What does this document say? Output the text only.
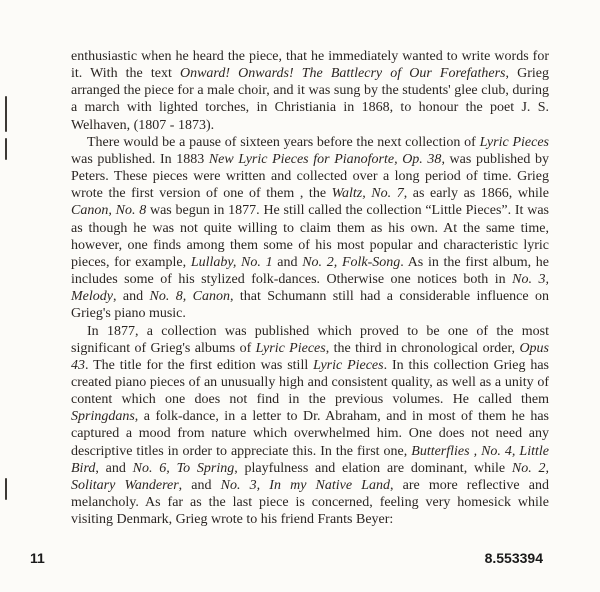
enthusiastic when he heard the piece, that he immediately wanted to write words for it. With the text Onward! Onwards! The Battlecry of Our Forefathers, Grieg arranged the piece for a male choir, and it was sung by the students' glee club, during a march with lighted torches, in Christiania in 1868, to honour the poet J. S. Welhaven, (1807 - 1873).

There would be a pause of sixteen years before the next collection of Lyric Pieces was published. In 1883 New Lyric Pieces for Pianoforte, Op. 38, was published by Peters. These pieces were written and collected over a long period of time. Grieg wrote the first version of one of them , the Waltz, No. 7, as early as 1866, while Canon, No. 8 was begun in 1877. He still called the collection “Little Pieces”. It was as though he was not quite willing to claim them as his own. At the same time, however, one finds among them some of his most popular and characteristic lyric pieces, for example, Lullaby, No. 1 and No. 2, Folk-Song. As in the first album, he includes some of his stylized folk-dances. Otherwise one notices both in No. 3, Melody, and No. 8, Canon, that Schumann still had a considerable influence on Grieg's piano music.

In 1877, a collection was published which proved to be one of the most significant of Grieg's albums of Lyric Pieces, the third in chronological order, Opus 43. The title for the first edition was still Lyric Pieces. In this collection Grieg has created piano pieces of an unusually high and consistent quality, as well as a unity of content which one does not find in the previous volumes. He called them Springdans, a folk-dance, in a letter to Dr. Abraham, and in most of them he has captured a mood from nature which overwhelmed him. One does not need any descriptive titles in order to appreciate this. In the first one, Butterflies , No. 4, Little Bird, and No. 6, To Spring, playfulness and elation are dominant, while No. 2, Solitary Wanderer, and No. 3, In my Native Land, are more reflective and melancholy. As far as the last piece is concerned, feeling very homesick while visiting Denmark, Grieg wrote to his friend Frants Beyer:

11	8.553394
